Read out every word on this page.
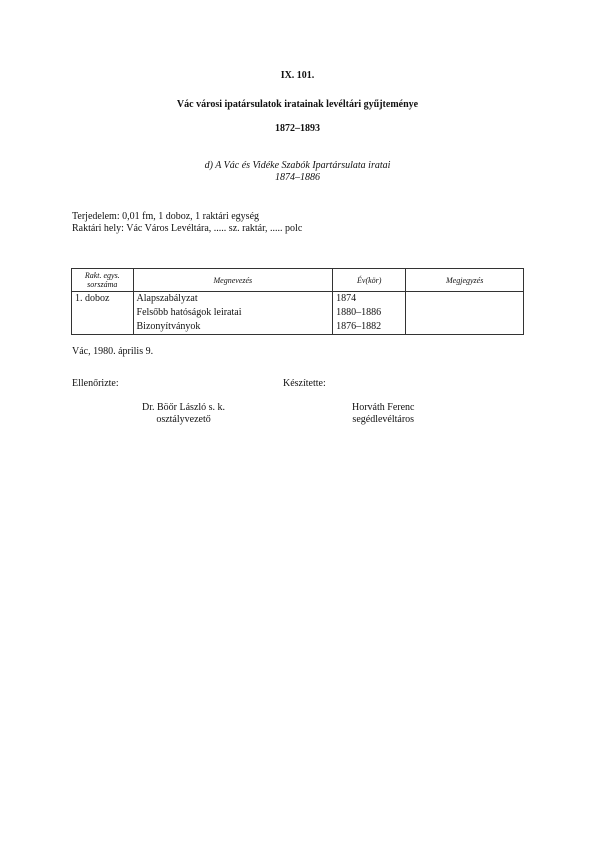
IX. 101.
Vác városi ipatársulatok iratainak levéltári gyűjteménye
1872–1893
d) A Vác és Vidéke Szabók Ipartársulata iratai
1874–1886
Terjedelem: 0,01 fm, 1 doboz, 1 raktári egység
Raktári hely: Vác Város Levéltára, ..... sz. raktár, ..... polc
Rakt. egys.
sorszáma	Megnevezés	Év(kör)	Megjegyzés
1. doboz	Alapszabályzat	1874	
	Felsőbb hatóságok leiratai	1880–1886	
	Bizonyítványok	1876–1882	
Vác, 1980. április 9.
Ellenőrizte:	Készítette:
Dr. Böőr László s. k.
osztályvezető
Horváth Ferenc
segédlevéltáros
